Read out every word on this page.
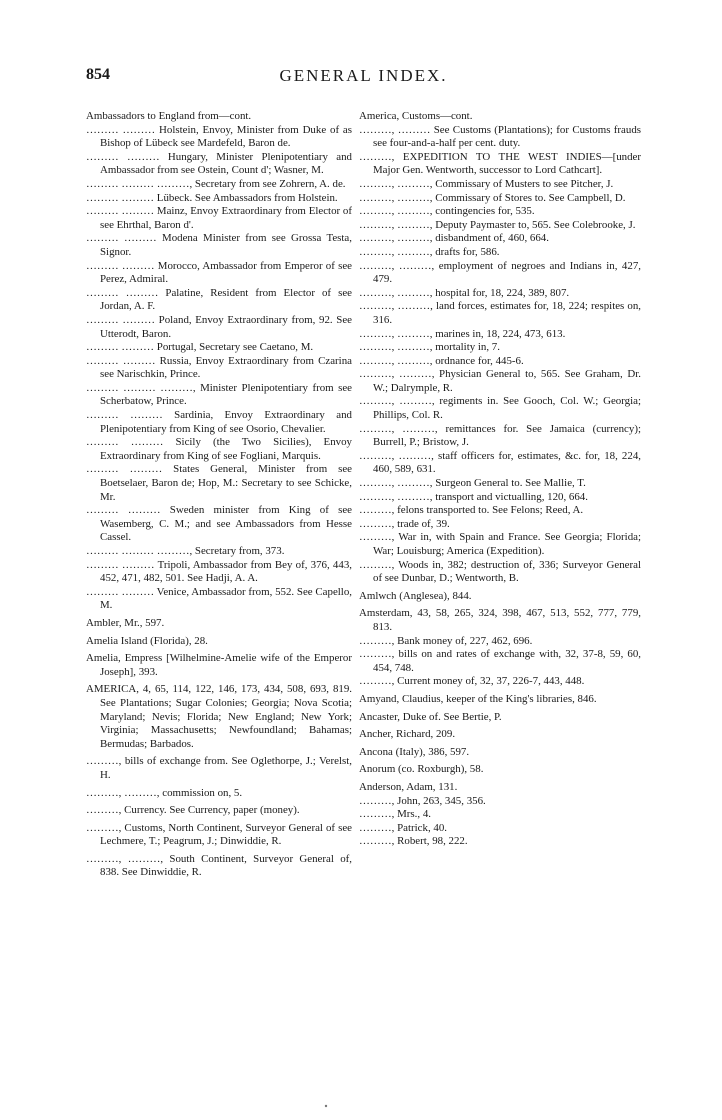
854	GENERAL INDEX.

Ambassadors to England from—cont.

……… ……… Holstein, Envoy, Minister from Duke of as Bishop of Lübeck see Mardefeld, Baron de.

……… ……… Hungary, Minister Plenipotentiary and Ambassador from see Ostein, Count d'; Wasner, M.

……… ……… ………, Secretary from see Zohrern, A. de.

……… ……… Lübeck. See Ambassadors from Holstein.

……… ……… Mainz, Envoy Extraordinary from Elector of see Ehrthal, Baron d'.

……… ……… Modena Minister from see Grossa Testa, Signor.

……… ……… Morocco, Ambassador from Emperor of see Perez, Admiral.

……… ……… Palatine, Resident from Elector of see Jordan, A. F.

……… ……… Poland, Envoy Extraordinary from, 92. See Utterodt, Baron.

……… ……… Portugal, Secretary see Caetano, M.

……… ……… Russia, Envoy Extraordinary from Czarina see Narischkin, Prince.

……… ……… ………, Minister Plenipotentiary from see Scherbatow, Prince.

……… ……… Sardinia, Envoy Extraordinary and Plenipotentiary from King of see Osorio, Chevalier.

……… ……… Sicily (the Two Sicilies), Envoy Extraordinary from King of see Fogliani, Marquis.

……… ……… States General, Minister from see Boetselaer, Baron de; Hop, M.: Secretary to see Schicke, Mr.

……… ……… Sweden minister from King of see Wasemberg, C. M.; and see Ambassadors from Hesse Cassel.

……… ……… ………, Secretary from, 373.

……… ……… Tripoli, Ambassador from Bey of, 376, 443, 452, 471, 482, 501. See Hadji, A. A.

……… ……… Venice, Ambassador from, 552. See Capello, M.

Ambler, Mr., 597.

Amelia Island (Florida), 28.

Amelia, Empress [Wilhelmine-Amelie wife of the Emperor Joseph], 393.

AMERICA, 4, 65, 114, 122, 146, 173, 434, 508, 693, 819. See Plantations; Sugar Colonies; Georgia; Nova Scotia; Maryland; Nevis; Florida; New England; New York; Virginia; Massachusetts; Newfoundland; Bahamas; Bermudas; Barbados.

………, bills of exchange from. See Oglethorpe, J.; Verelst, H.

………, ………, commission on, 5.

………, Currency. See Currency, paper (money).

………, Customs, North Continent, Surveyor General of see Lechmere, T.; Peagrum, J.; Dinwiddie, R.

………, ………, South Continent, Surveyor General of, 838. See Dinwiddie, R.

America, Customs—cont.

………, ……… See Customs (Plantations); for Customs frauds see four-and-a-half per cent. duty.

………, EXPEDITION TO THE WEST INDIES—[under Major Gen. Wentworth, successor to Lord Cathcart].

………, ………, Commissary of Musters to see Pitcher, J.

………, ………, Commissary of Stores to. See Campbell, D.

………, ………, contingencies for, 535.

………, ………, Deputy Paymaster to, 565. See Colebrooke, J.

………, ………, disbandment of, 460, 664.

………, ………, drafts for, 586.

………, ………, employment of negroes and Indians in, 427, 479.

………, ………, hospital for, 18, 224, 389, 807.

………, ………, land forces, estimates for, 18, 224; respites on, 316.

………, ………, marines in, 18, 224, 473, 613.

………, ………, mortality in, 7.

………, ………, ordnance for, 445-6.

………, ………, Physician General to, 565. See Graham, Dr. W.; Dalrymple, R.

………, ………, regiments in. See Gooch, Col. W.; Georgia; Phillips, Col. R.

………, ………, remittances for. See Jamaica (currency); Burrell, P.; Bristow, J.

………, ………, staff officers for, estimates, &c. for, 18, 224, 460, 589, 631.

………, ………, Surgeon General to. See Mallie, T.

………, ………, transport and victualling, 120, 664.

………, felons transported to. See Felons; Reed, A.

………, trade of, 39.

………, War in, with Spain and France. See Georgia; Florida; War; Louisburg; America (Expedition).

………, Woods in, 382; destruction of, 336; Surveyor General of see Dunbar, D.; Wentworth, B.

Amlwch (Anglesea), 844.

Amsterdam, 43, 58, 265, 324, 398, 467, 513, 552, 777, 779, 813.

………, Bank money of, 227, 462, 696.

………, bills on and rates of exchange with, 32, 37-8, 59, 60, 454, 748.

………, Current money of, 32, 37, 226-7, 443, 448.

Amyand, Claudius, keeper of the King's libraries, 846.

Ancaster, Duke of. See Bertie, P.

Ancher, Richard, 209.

Ancona (Italy), 386, 597.

Anorum (co. Roxburgh), 58.

Anderson, Adam, 131.

………, John, 263, 345, 356.

………, Mrs., 4.

………, Patrick, 40.

………, Robert, 98, 222.
